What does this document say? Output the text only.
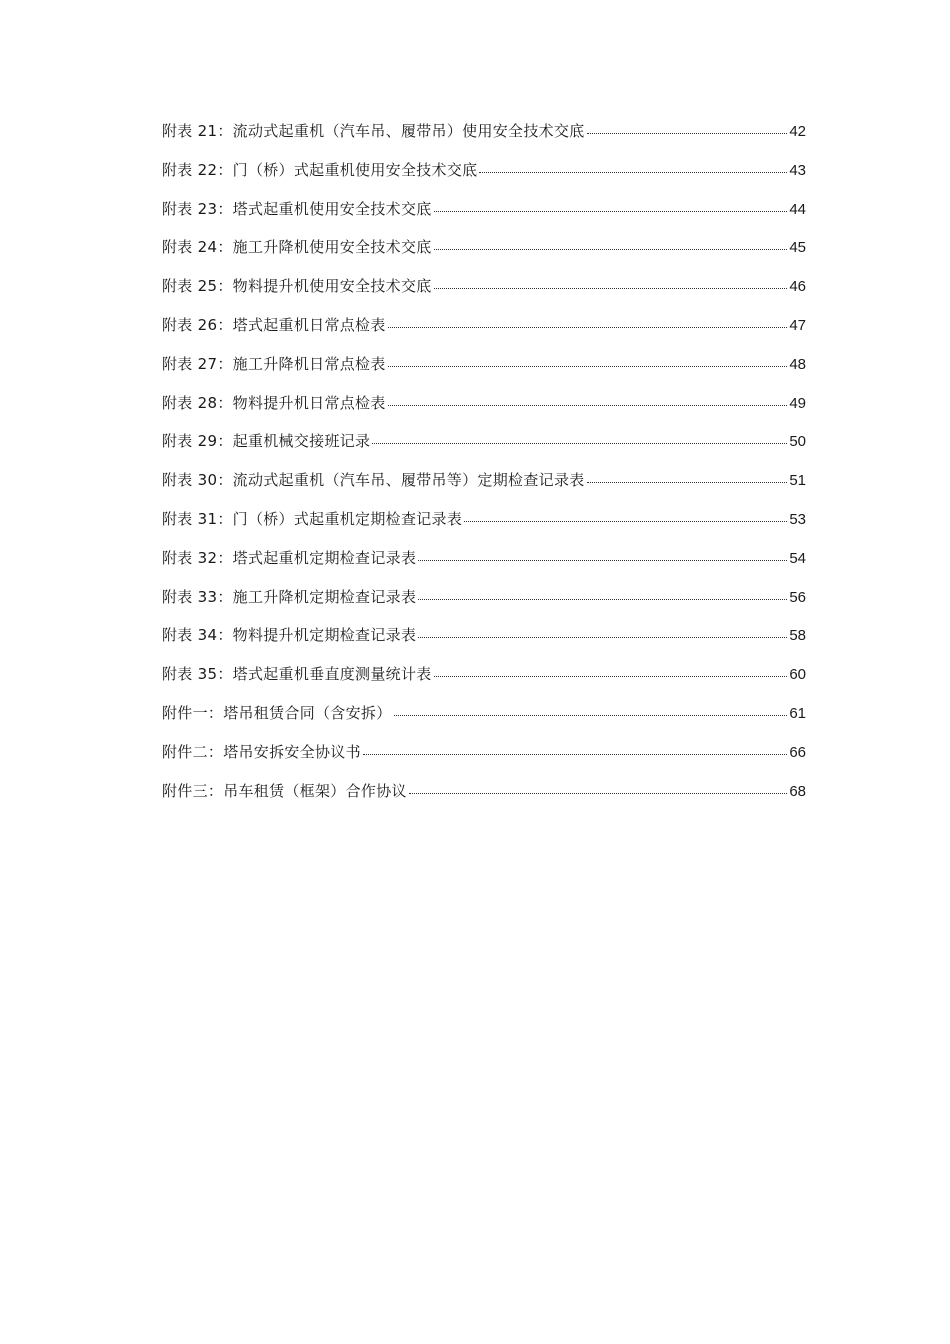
附表 21：流动式起重机（汽车吊、履带吊）使用安全技术交底	42
附表 22：门（桥）式起重机使用安全技术交底	43
附表 23：塔式起重机使用安全技术交底	44
附表 24：施工升降机使用安全技术交底	45
附表 25：物料提升机使用安全技术交底	46
附表 26：塔式起重机日常点检表	47
附表 27：施工升降机日常点检表	48
附表 28：物料提升机日常点检表	49
附表 29：起重机械交接班记录	50
附表 30：流动式起重机（汽车吊、履带吊等）定期检查记录表	51
附表 31：门（桥）式起重机定期检查记录表	53
附表 32：塔式起重机定期检查记录表	54
附表 33：施工升降机定期检查记录表	56
附表 34：物料提升机定期检查记录表	58
附表 35：塔式起重机垂直度测量统计表	60
附件一：塔吊租赁合同（含安拆）	61
附件二：塔吊安拆安全协议书	66
附件三：吊车租赁（框架）合作协议	68
